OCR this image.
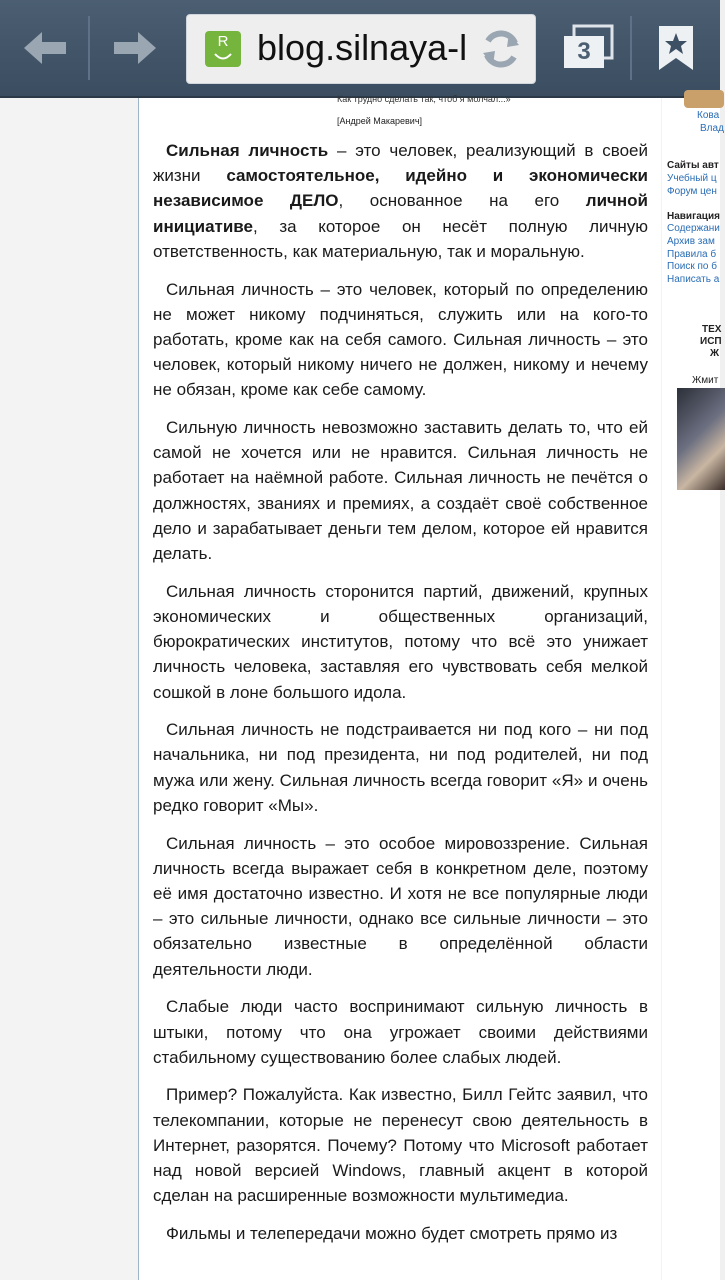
R blog.silnaya-l	3
Как трудно сделать так, чтоб я молчал...»
[Андрей Макаревич]

Сильная личность – это человек, реализующий в своей жизни самостоятельное, идейно и экономически независимое ДЕЛО, основанное на его личной инициативе, за которое он несёт полную личную ответственность, как материальную, так и моральную.

Сильная личность – это человек, который по определению не может никому подчиняться, служить или на кого-то работать, кроме как на себя самого. Сильная личность – это человек, который никому ничего не должен, никому и нечему не обязан, кроме как себе самому.

Сильную личность невозможно заставить делать то, что ей самой не хочется или не нравится. Сильная личность не работает на наёмной работе. Сильная личность не печётся о должностях, званиях и премиях, а создаёт своё собственное дело и зарабатывает деньги тем делом, которое ей нравится делать.

Сильная личность сторонится партий, движений, крупных экономических и общественных организаций, бюрократических институтов, потому что всё это унижает личность человека, заставляя его чувствовать себя мелкой сошкой в лоне большого идола.

Сильная личность не подстраивается ни под кого – ни под начальника, ни под президента, ни под родителей, ни под мужа или жену. Сильная личность всегда говорит «Я» и очень редко говорит «Мы».

Сильная личность – это особое мировоззрение. Сильная личность всегда выражает себя в конкретном деле, поэтому её имя достаточно известно. И хотя не все популярные люди – это сильные личности, однако все сильные личности – это обязательно известные в определённой области деятельности люди.

Слабые люди часто воспринимают сильную личность в штыки, потому что она угрожает своими действиями стабильному существованию более слабых людей.

Пример? Пожалуйста. Как известно, Билл Гейтс заявил, что телекомпании, которые не перенесут свою деятельность в Интернет, разорятся. Почему? Потому что Microsoft работает над новой версией Windows, главный акцент в которой сделан на расширенные возможности мультимедиа.

Фильмы и телепередачи можно будет смотреть прямо из

Кова
Влад
Сайты авт
Учебный ц
Форум цен
Навигация
Содержани
Архив зам
Правила б
Поиск по б
Написать а
ТЕХ
ИСП
Ж
Жмит
